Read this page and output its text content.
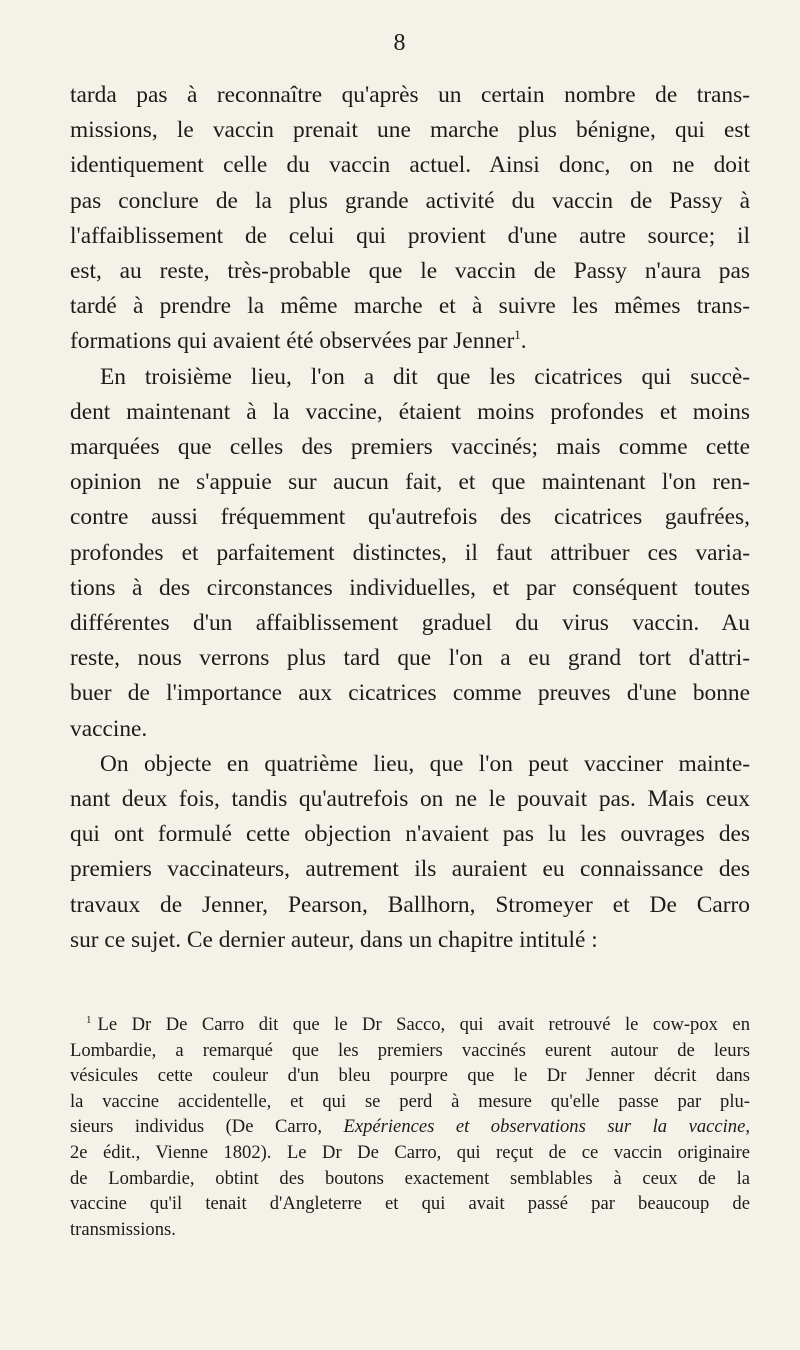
8

tarda pas à reconnaître qu'après un certain nombre de trans-
missions, le vaccin prenait une marche plus bénigne, qui est
identiquement celle du vaccin actuel. Ainsi donc, on ne doit
pas conclure de la plus grande activité du vaccin de Passy à
l'affaiblissement de celui qui provient d'une autre source; il
est, au reste, très-probable que le vaccin de Passy n'aura pas
tardé à prendre la même marche et à suivre les mêmes trans-
formations qui avaient été observées par Jenner$^1$.

En troisième lieu, l'on a dit que les cicatrices qui succè-
dent maintenant à la vaccine, étaient moins profondes et moins
marquées que celles des premiers vaccinés; mais comme cette
opinion ne s'appuie sur aucun fait, et que maintenant l'on ren-
contre aussi fréquemment qu'autrefois des cicatrices gaufrées,
profondes et parfaitement distinctes, il faut attribuer ces varia-
tions à des circonstances individuelles, et par conséquent toutes
différentes d'un affaiblissement graduel du virus vaccin. Au
reste, nous verrons plus tard que l'on a eu grand tort d'attri-
buer de l'importance aux cicatrices comme preuves d'une bonne
vaccine.

On objecte en quatrième lieu, que l'on peut vacciner mainte-
nant deux fois, tandis qu'autrefois on ne le pouvait pas. Mais ceux
qui ont formulé cette objection n'avaient pas lu les ouvrages des
premiers vaccinateurs, autrement ils auraient eu connaissance des
travaux de Jenner, Pearson, Ballhorn, Stromeyer et De Carro
sur ce sujet. Ce dernier auteur, dans un chapitre intitulé :

$^1$ Le Dr De Carro dit que le Dr Sacco, qui avait retrouvé le cow-pox en
Lombardie, a remarqué que les premiers vaccinés eurent autour de leurs
vésicules cette couleur d'un bleu pourpre que le Dr Jenner décrit dans
la vaccine accidentelle, et qui se perd à mesure qu'elle passe par plu-
sieurs individus (De Carro, Expériences et observations sur la vaccine,
2e édit., Vienne 1802). Le Dr De Carro, qui reçut de ce vaccin originaire
de Lombardie, obtint des boutons exactement semblables à ceux de la
vaccine qu'il tenait d'Angleterre et qui avait passé par beaucoup de
transmissions.
